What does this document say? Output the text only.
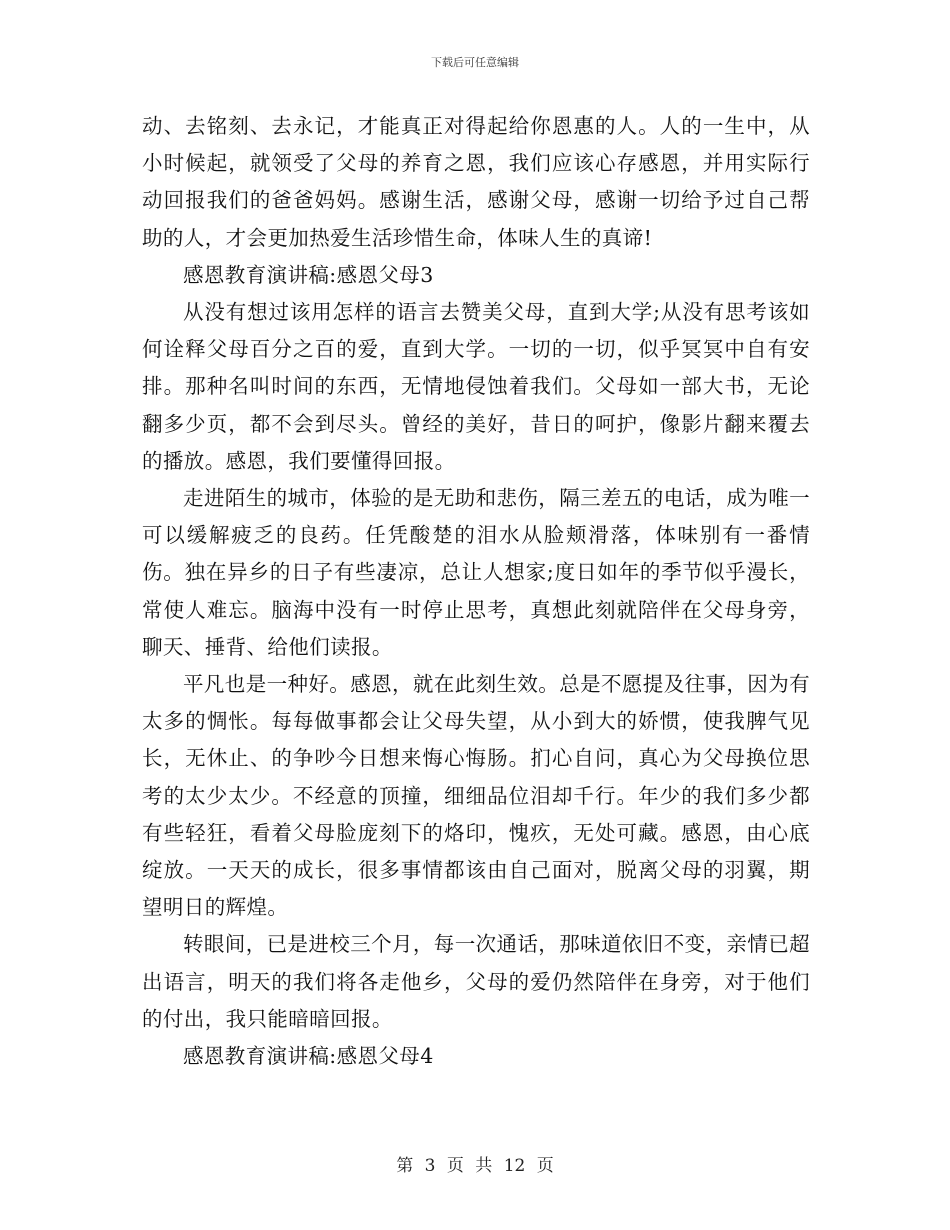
下载后可任意编辑

动、去铭刻、去永记，才能真正对得起给你恩惠的人。人的一生中，从小时候起，就领受了父母的养育之恩，我们应该心存感恩，并用实际行动回报我们的爸爸妈妈。感谢生活，感谢父母，感谢一切给予过自己帮助的人，才会更加热爱生活珍惜生命，体味人生的真谛!

感恩教育演讲稿:感恩父母3

从没有想过该用怎样的语言去赞美父母，直到大学;从没有思考该如何诠释父母百分之百的爱，直到大学。一切的一切，似乎冥冥中自有安排。那种名叫时间的东西，无情地侵蚀着我们。父母如一部大书，无论翻多少页，都不会到尽头。曾经的美好，昔日的呵护，像影片翻来覆去的播放。感恩，我们要懂得回报。

走进陌生的城市，体验的是无助和悲伤，隔三差五的电话，成为唯一可以缓解疲乏的良药。任凭酸楚的泪水从脸颊滑落，体味别有一番情伤。独在异乡的日子有些凄凉，总让人想家;度日如年的季节似乎漫长，常使人难忘。脑海中没有一时停止思考，真想此刻就陪伴在父母身旁，聊天、捶背、给他们读报。

平凡也是一种好。感恩，就在此刻生效。总是不愿提及往事，因为有太多的惆怅。每每做事都会让父母失望，从小到大的娇惯，使我脾气见长，无休止、的争吵今日想来悔心悔肠。扪心自问，真心为父母换位思考的太少太少。不经意的顶撞，细细品位泪却千行。年少的我们多少都有些轻狂，看着父母脸庞刻下的烙印，愧疚，无处可藏。感恩，由心底绽放。一天天的成长，很多事情都该由自己面对，脱离父母的羽翼，期望明日的辉煌。

转眼间，已是进校三个月，每一次通话，那味道依旧不变，亲情已超出语言，明天的我们将各走他乡，父母的爱仍然陪伴在身旁，对于他们的付出，我只能暗暗回报。

感恩教育演讲稿:感恩父母4

第 3 页 共 12 页
